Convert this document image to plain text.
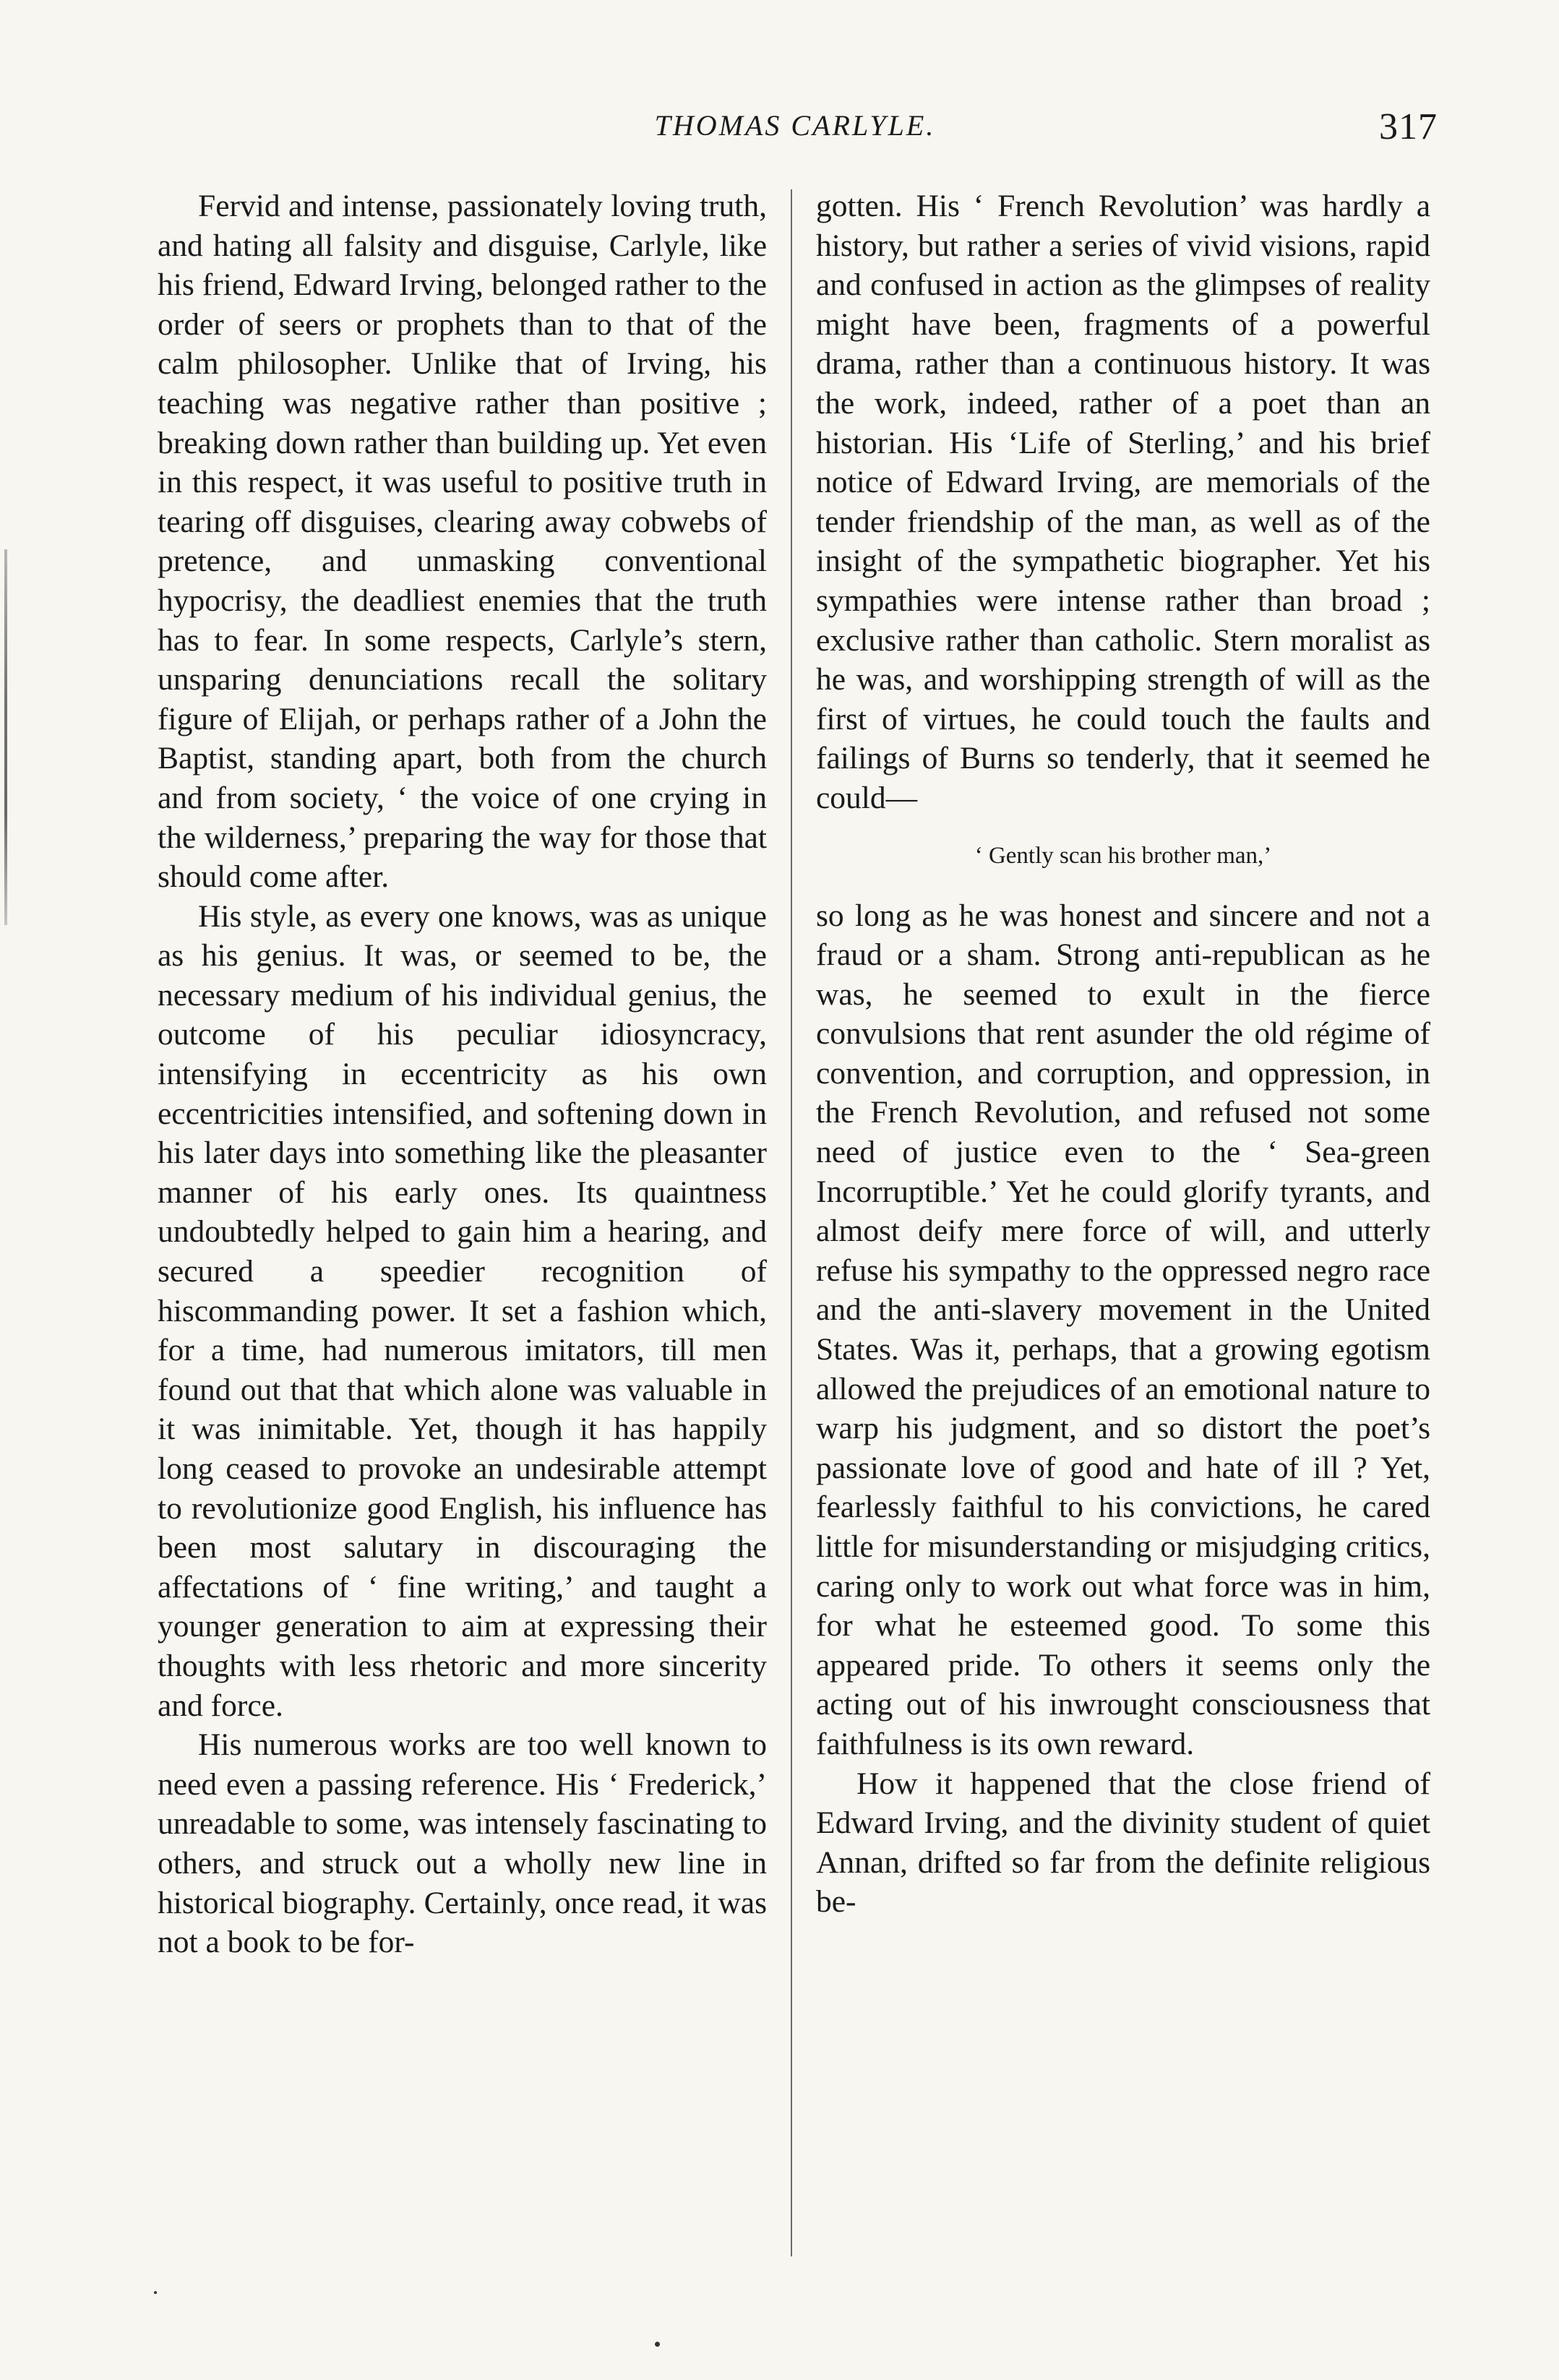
THOMAS CARLYLE.	317

Fervid and intense, passionately loving truth, and hating all falsity and disguise, Carlyle, like his friend, Edward Irving, belonged rather to the order of seers or prophets than to that of the calm philosopher. Unlike that of Irving, his teaching was negative rather than positive ; breaking down rather than building up. Yet even in this respect, it was useful to positive truth in tearing off disguises, clearing away cobwebs of pretence, and unmasking conventional hypocrisy, the deadliest enemies that the truth has to fear. In some respects, Carlyle’s stern, unsparing denunciations recall the solitary figure of Elijah, or perhaps rather of a John the Baptist, standing apart, both from the church and from society, ‘ the voice of one crying in the wilderness,’ preparing the way for those that should come after.

His style, as every one knows, was as unique as his genius. It was, or seemed to be, the necessary medium of his individual genius, the outcome of his peculiar idiosyncracy, intensifying in eccentricity as his own eccentricities intensified, and softening down in his later days into something like the pleasanter manner of his early ones. Its quaintness undoubtedly helped to gain him a hearing, and secured a speedier recognition of hiscommanding power. It set a fashion which, for a time, had numerous imitators, till men found out that that which alone was valuable in it was inimitable. Yet, though it has happily long ceased to provoke an undesirable attempt to revolutionize good English, his influence has been most salutary in discouraging the affectations of ‘ fine writing,’ and taught a younger generation to aim at expressing their thoughts with less rhetoric and more sincerity and force.

His numerous works are too well known to need even a passing reference. His ‘ Frederick,’ unreadable to some, was intensely fascinating to others, and struck out a wholly new line in historical biography. Certainly, once read, it was not a book to be for-

gotten. His ‘ French Revolution’ was hardly a history, but rather a series of vivid visions, rapid and confused in action as the glimpses of reality might have been, fragments of a powerful drama, rather than a continuous history. It was the work, indeed, rather of a poet than an historian. His ‘Life of Sterling,’ and his brief notice of Edward Irving, are memorials of the tender friendship of the man, as well as of the insight of the sympathetic biographer. Yet his sympathies were intense rather than broad ; exclusive rather than catholic. Stern moralist as he was, and worshipping strength of will as the first of virtues, he could touch the faults and failings of Burns so tenderly, that it seemed he could—

‘ Gently scan his brother man,’

so long as he was honest and sincere and not a fraud or a sham. Strong anti-republican as he was, he seemed to exult in the fierce convulsions that rent asunder the old régime of convention, and corruption, and oppression, in the French Revolution, and refused not some need of justice even to the ‘ Sea-green Incorruptible.’ Yet he could glorify tyrants, and almost deify mere force of will, and utterly refuse his sympathy to the oppressed negro race and the anti-slavery movement in the United States. Was it, perhaps, that a growing egotism allowed the prejudices of an emotional nature to warp his judgment, and so distort the poet’s passionate love of good and hate of ill ? Yet, fearlessly faithful to his convictions, he cared little for misunderstanding or misjudging critics, caring only to work out what force was in him, for what he esteemed good. To some this appeared pride. To others it seems only the acting out of his inwrought consciousness that faithfulness is its own reward.

How it happened that the close friend of Edward Irving, and the divinity student of quiet Annan, drifted so far from the definite religious be-
